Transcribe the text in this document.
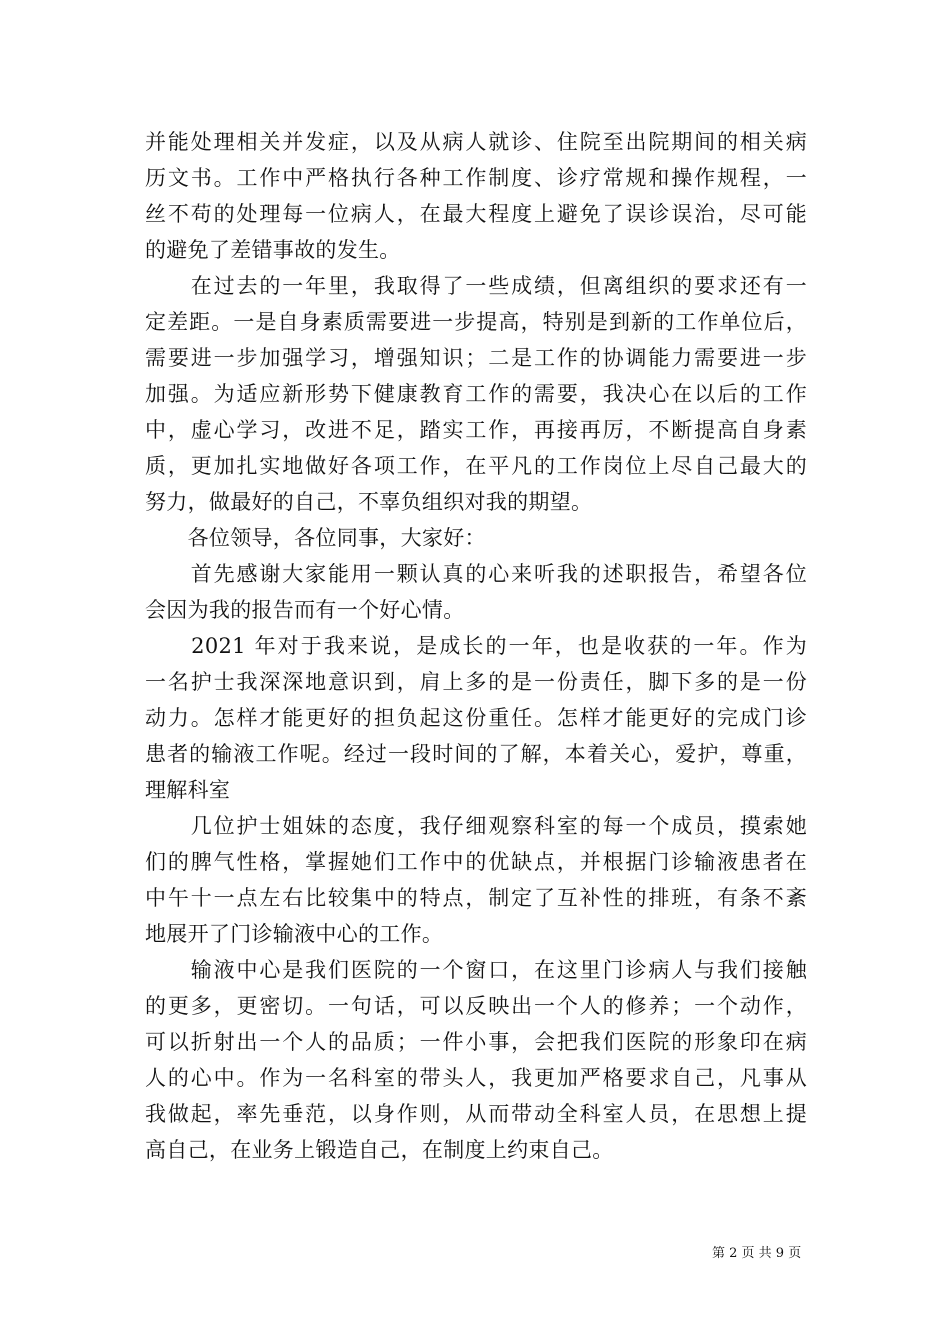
并能处理相关并发症，以及从病人就诊、住院至出院期间的相关病
历文书。工作中严格执行各种工作制度、诊疗常规和操作规程，一
丝不苟的处理每一位病人，在最大程度上避免了误诊误治，尽可能
的避免了差错事故的发生。
　　在过去的一年里，我取得了一些成绩，但离组织的要求还有一
定差距。一是自身素质需要进一步提高，特别是到新的工作单位后，
需要进一步加强学习，增强知识；二是工作的协调能力需要进一步
加强。为适应新形势下健康教育工作的需要，我决心在以后的工作
中，虚心学习，改进不足，踏实工作，再接再厉，不断提高自身素
质，更加扎实地做好各项工作，在平凡的工作岗位上尽自己最大的
努力，做最好的自己，不辜负组织对我的期望。
　　各位领导，各位同事，大家好：
　　首先感谢大家能用一颗认真的心来听我的述职报告，希望各位
会因为我的报告而有一个好心情。
　　2021 年对于我来说，是成长的一年，也是收获的一年。作为
一名护士我深深地意识到，肩上多的是一份责任，脚下多的是一份
动力。怎样才能更好的担负起这份重任。怎样才能更好的完成门诊
患者的输液工作呢。经过一段时间的了解，本着关心，爱护，尊重，
理解科室
　　几位护士姐妹的态度，我仔细观察科室的每一个成员，摸索她
们的脾气性格，掌握她们工作中的优缺点，并根据门诊输液患者在
中午十一点左右比较集中的特点，制定了互补性的排班，有条不紊
地展开了门诊输液中心的工作。
　　输液中心是我们医院的一个窗口，在这里门诊病人与我们接触
的更多，更密切。一句话，可以反映出一个人的修养；一个动作，
可以折射出一个人的品质；一件小事，会把我们医院的形象印在病
人的心中。作为一名科室的带头人，我更加严格要求自己，凡事从
我做起，率先垂范，以身作则，从而带动全科室人员，在思想上提
高自己，在业务上锻造自己，在制度上约束自己。
第 2 页 共 9 页
